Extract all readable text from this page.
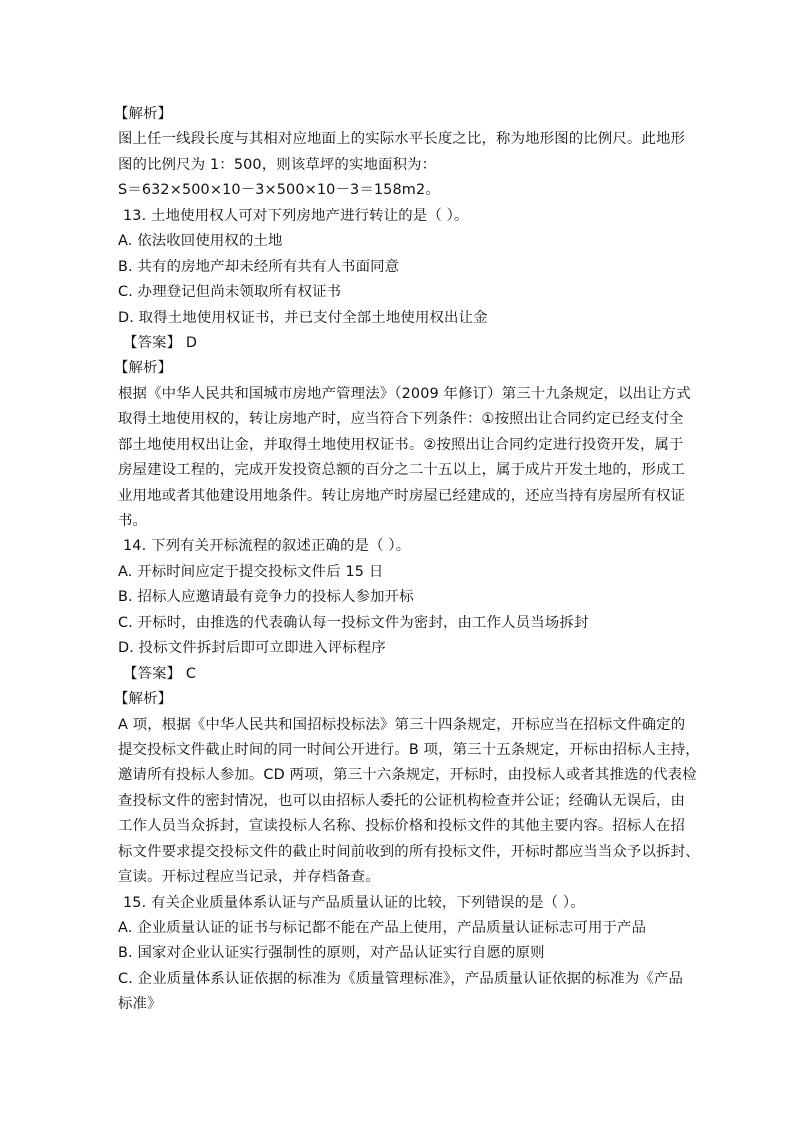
【解析】
图上任一线段长度与其相对应地面上的实际水平长度之比，称为地形图的比例尺。此地形
图的比例尺为 1：500，则该草坪的实地面积为：
S＝632×500×10－3×500×10－3＝158m2。
13. 土地使用权人可对下列房地产进行转让的是（ ）。
A. 依法收回使用权的土地
B. 共有的房地产却未经所有共有人书面同意
C. 办理登记但尚未领取所有权证书
D. 取得土地使用权证书，并已支付全部土地使用权出让金
【答案】 D
【解析】
根据《中华人民共和国城市房地产管理法》（2009 年修订）第三十九条规定，以出让方式
取得土地使用权的，转让房地产时，应当符合下列条件：①按照出让合同约定已经支付全
部土地使用权出让金，并取得土地使用权证书。②按照出让合同约定进行投资开发，属于
房屋建设工程的，完成开发投资总额的百分之二十五以上，属于成片开发土地的，形成工
业用地或者其他建设用地条件。转让房地产时房屋已经建成的，还应当持有房屋所有权证
书。
14. 下列有关开标流程的叙述正确的是（ ）。
A. 开标时间应定于提交投标文件后 15 日
B. 招标人应邀请最有竞争力的投标人参加开标
C. 开标时，由推选的代表确认每一投标文件为密封，由工作人员当场拆封
D. 投标文件拆封后即可立即进入评标程序
【答案】 C
【解析】
A 项，根据《中华人民共和国招标投标法》第三十四条规定，开标应当在招标文件确定的
提交投标文件截止时间的同一时间公开进行。B 项，第三十五条规定，开标由招标人主持，
邀请所有投标人参加。CD 两项，第三十六条规定，开标时，由投标人或者其推选的代表检
查投标文件的密封情况，也可以由招标人委托的公证机构检查并公证；经确认无误后，由
工作人员当众拆封，宣读投标人名称、投标价格和投标文件的其他主要内容。招标人在招
标文件要求提交投标文件的截止时间前收到的所有投标文件，开标时都应当当众予以拆封、
宣读。开标过程应当记录，并存档备查。
15. 有关企业质量体系认证与产品质量认证的比较，下列错误的是（ ）。
A. 企业质量认证的证书与标记都不能在产品上使用，产品质量认证标志可用于产品
B. 国家对企业认证实行强制性的原则，对产品认证实行自愿的原则
C. 企业质量体系认证依据的标准为《质量管理标准》，产品质量认证依据的标准为《产品
标准》
